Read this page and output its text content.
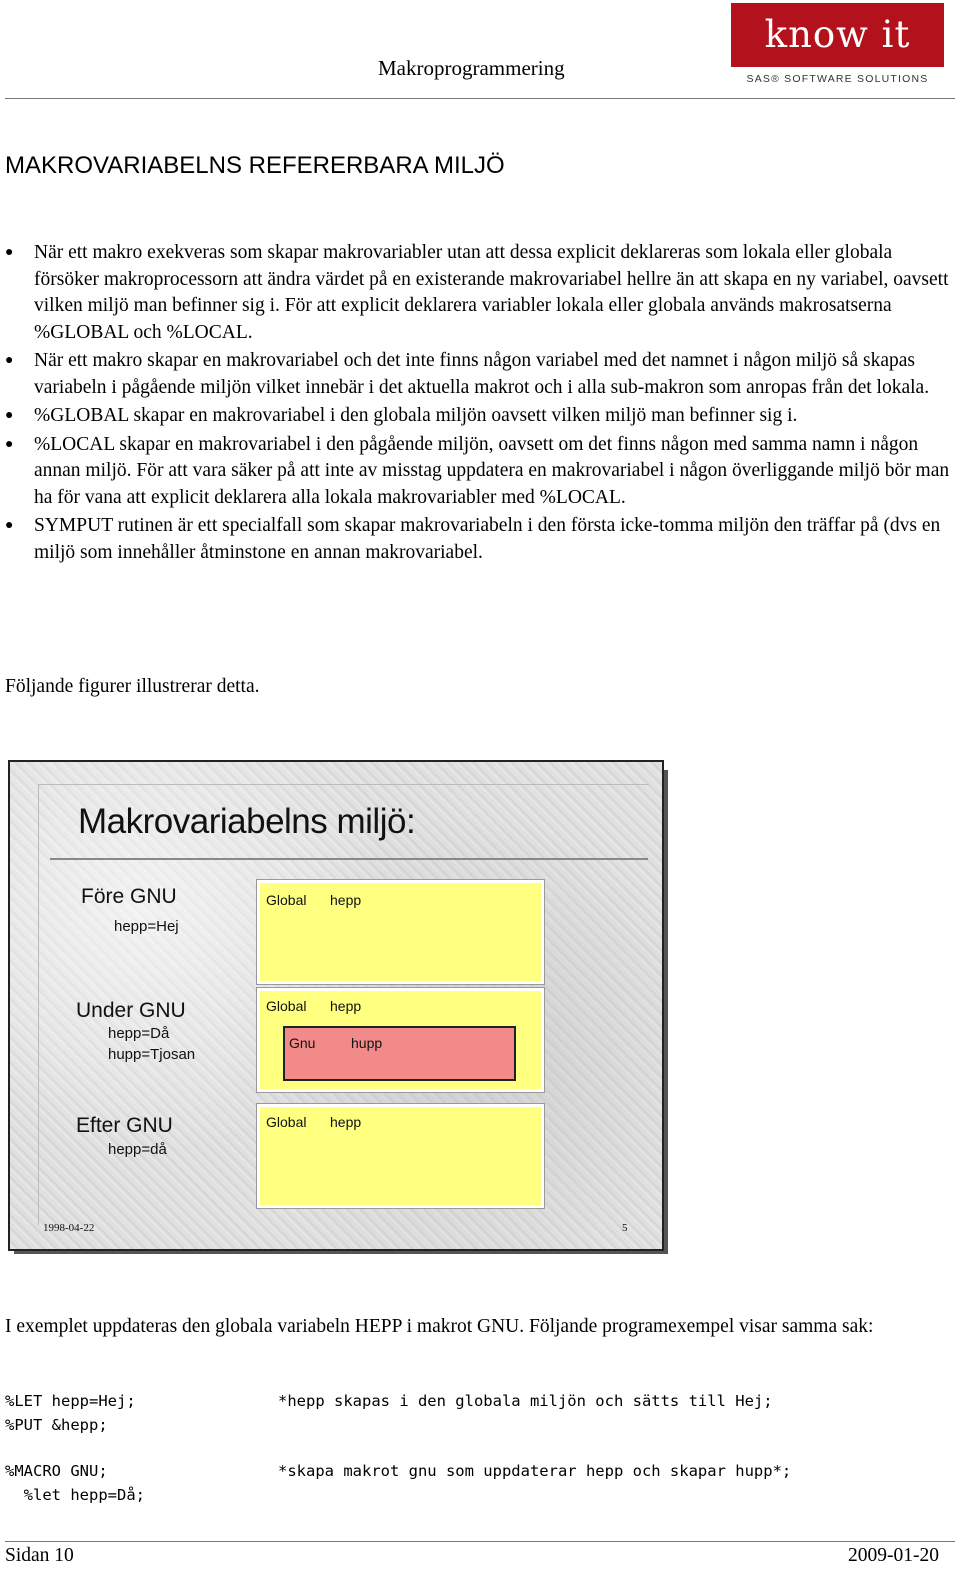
Makroprogrammering
know it
SAS® SOFTWARE SOLUTIONS
MAKROVARIABELNS REFERERBARA MILJÖ
● När ett makro exekveras som skapar makrovariabler utan att dessa explicit deklareras som lokala eller globala försöker makroprocessorn att ändra värdet på en existerande makrovariabel hellre än att skapa en ny variabel, oavsett vilken miljö man befinner sig i. För att explicit deklarera variabler lokala eller globala används makrosatserna %GLOBAL och %LOCAL.
● När ett makro skapar en makrovariabel och det inte finns någon variabel med det namnet i någon miljö så skapas variabeln i pågående miljön vilket innebär i det aktuella makrot och i alla sub-makron som anropas från det lokala.
● %GLOBAL skapar en makrovariabel i den globala miljön oavsett vilken miljö man befinner sig i.
● %LOCAL skapar en makrovariabel i den pågående miljön, oavsett om det finns någon med samma namn i någon annan miljö. För att vara säker på att inte av misstag uppdatera en makrovariabel i någon överliggande miljö bör man ha för vana att explicit deklarera alla lokala makrovariabler med %LOCAL.
● SYMPUT rutinen är ett specialfall som skapar makrovariabeln i den första icke-tomma miljön den träffar på (dvs en miljö som innehåller åtminstone en annan makrovariabel.
Följande figurer illustrerar detta.
Makrovariabelns miljö:
Före GNU
hepp=Hej
Global hepp
Under GNU
hepp=Då
hupp=Tjosan
Global hepp
Gnu	hupp
Efter GNU
hepp=då
Global hepp
1998-04-22	5
I exemplet uppdateras den globala variabeln HEPP i makrot GNU. Följande programexempel visar samma sak:
%LET hepp=Hej;	*hepp skapas i den globala miljön och sätts till Hej;
%PUT &hepp;
%MACRO GNU;	*skapa makrot gnu som uppdaterar hepp och skapar hupp*;
%let hepp=Då;
Sidan 10	2009-01-20
